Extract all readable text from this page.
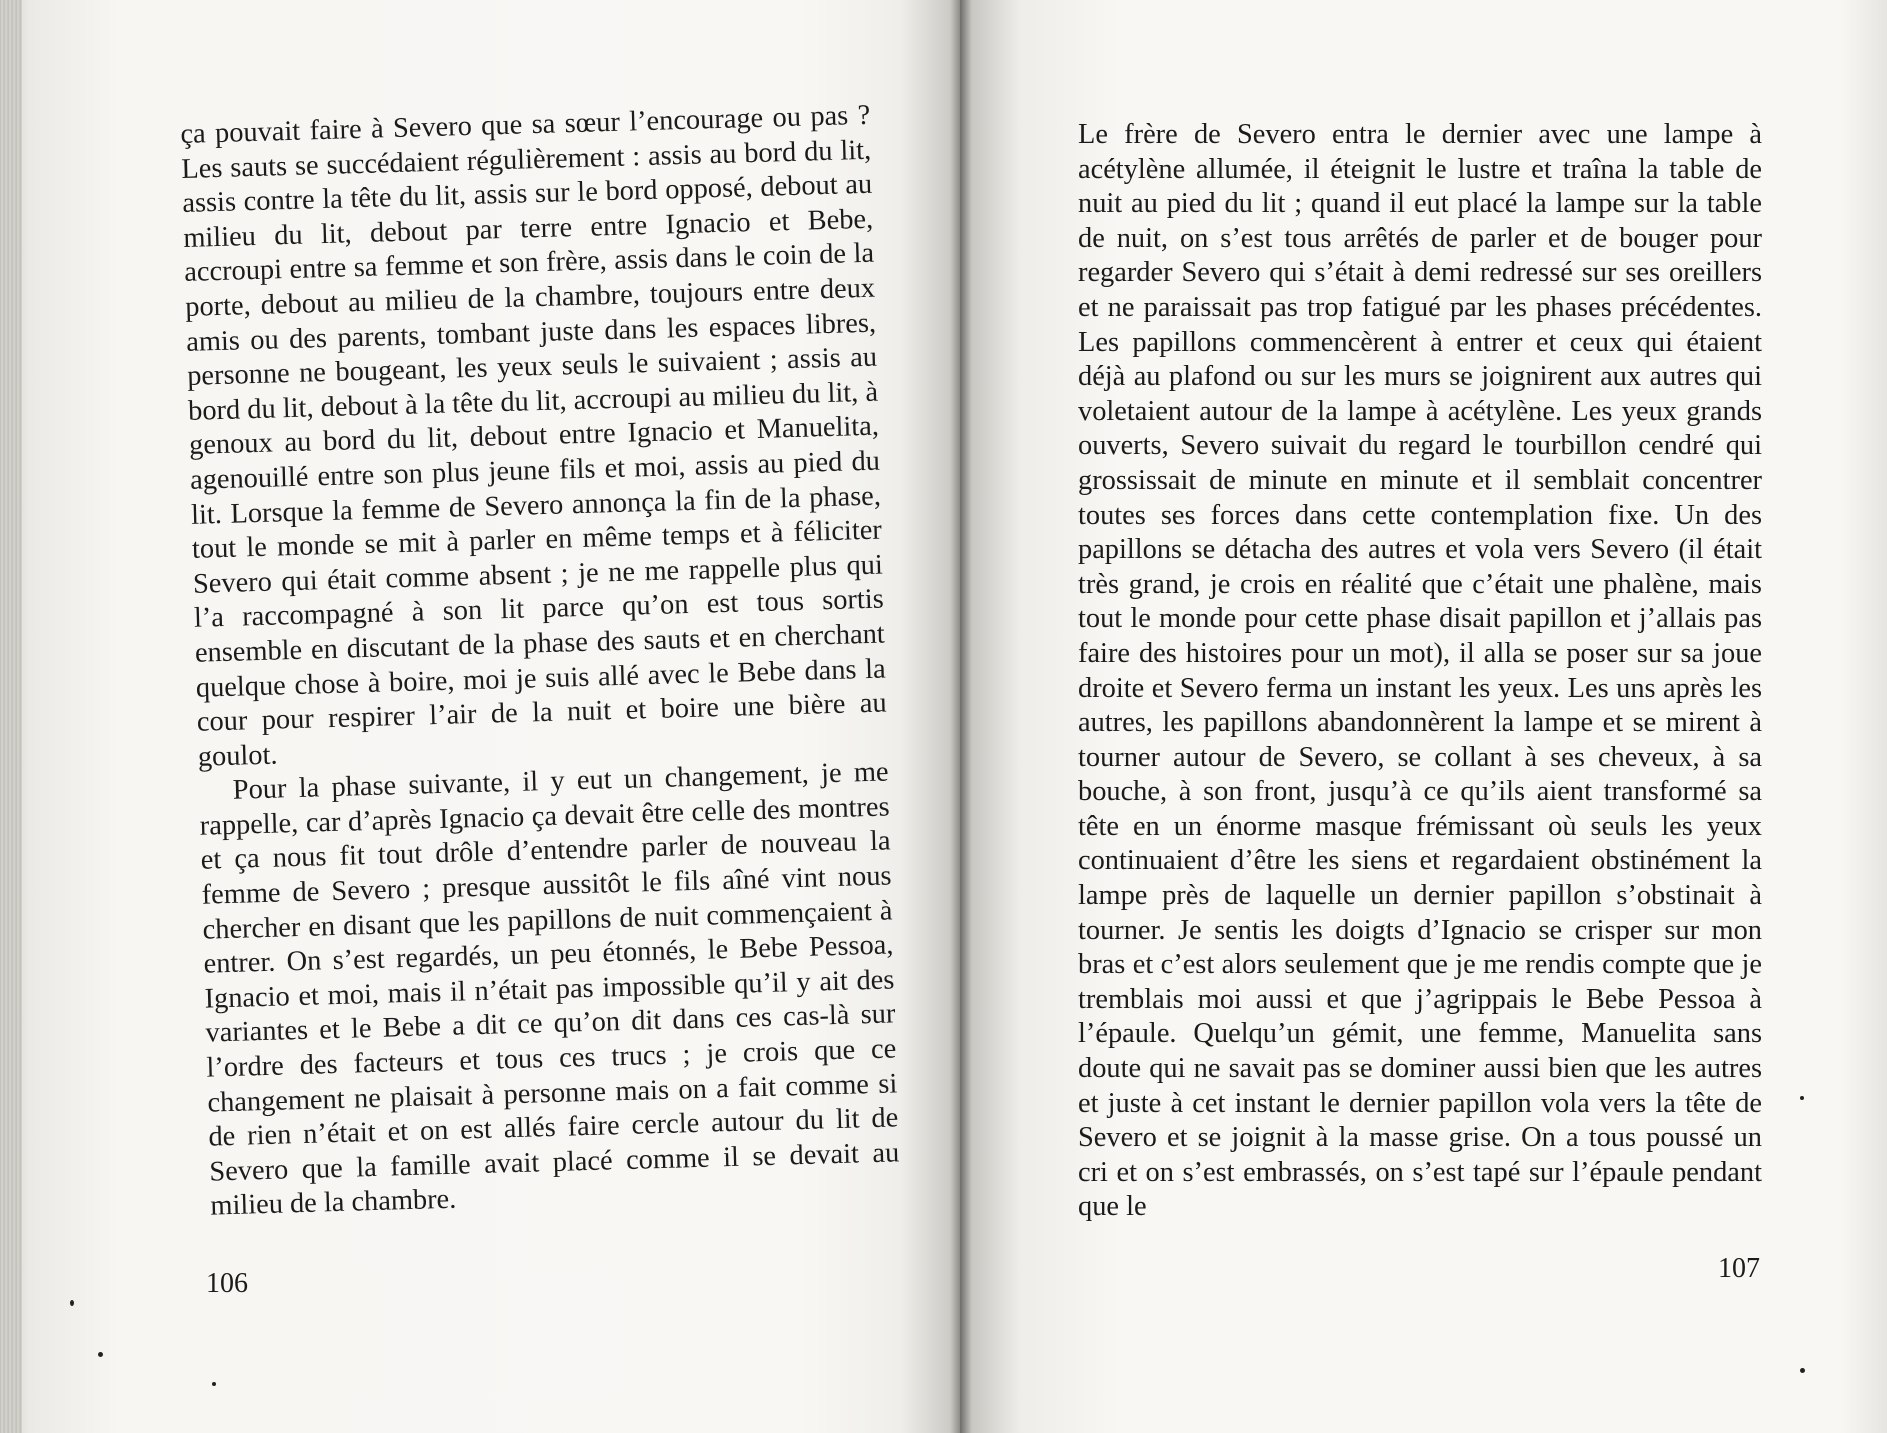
ça pouvait faire à Severo que sa sœur l’encourage ou pas ? Les sauts se succédaient régulièrement : assis au bord du lit, assis contre la tête du lit, assis sur le bord opposé, debout au milieu du lit, debout par terre entre Ignacio et Bebe, accroupi entre sa femme et son frère, assis dans le coin de la porte, debout au milieu de la chambre, toujours entre deux amis ou des parents, tombant juste dans les espaces libres, personne ne bougeant, les yeux seuls le suivaient ; assis au bord du lit, debout à la tête du lit, accroupi au milieu du lit, à genoux au bord du lit, debout entre Ignacio et Manuelita, agenouillé entre son plus jeune fils et moi, assis au pied du lit. Lorsque la femme de Severo annonça la fin de la phase, tout le monde se mit à parler en même temps et à féliciter Severo qui était comme absent ; je ne me rappelle plus qui l’a raccompagné à son lit parce qu’on est tous sortis ensemble en discutant de la phase des sauts et en cherchant quelque chose à boire, moi je suis allé avec le Bebe dans la cour pour respirer l’air de la nuit et boire une bière au goulot.

Pour la phase suivante, il y eut un changement, je me rappelle, car d’après Ignacio ça devait être celle des montres et ça nous fit tout drôle d’entendre parler de nouveau la femme de Severo ; presque aussitôt le fils aîné vint nous chercher en disant que les papillons de nuit commençaient à entrer. On s’est regardés, un peu étonnés, le Bebe Pessoa, Ignacio et moi, mais il n’était pas impossible qu’il y ait des variantes et le Bebe a dit ce qu’on dit dans ces cas-là sur l’ordre des facteurs et tous ces trucs ; je crois que ce changement ne plaisait à personne mais on a fait comme si de rien n’était et on est allés faire cercle autour du lit de Severo que la famille avait placé comme il se devait au milieu de la chambre.

106

Le frère de Severo entra le dernier avec une lampe à acétylène allumée, il éteignit le lustre et traîna la table de nuit au pied du lit ; quand il eut placé la lampe sur la table de nuit, on s’est tous arrêtés de parler et de bouger pour regarder Severo qui s’était à demi redressé sur ses oreillers et ne paraissait pas trop fatigué par les phases précédentes. Les papillons commencèrent à entrer et ceux qui étaient déjà au plafond ou sur les murs se joignirent aux autres qui voletaient autour de la lampe à acétylène. Les yeux grands ouverts, Severo suivait du regard le tourbillon cendré qui grossissait de minute en minute et il semblait concentrer toutes ses forces dans cette contemplation fixe. Un des papillons se détacha des autres et vola vers Severo (il était très grand, je crois en réalité que c’était une phalène, mais tout le monde pour cette phase disait papillon et j’allais pas faire des histoires pour un mot), il alla se poser sur sa joue droite et Severo ferma un instant les yeux. Les uns après les autres, les papillons abandonnèrent la lampe et se mirent à tourner autour de Severo, se collant à ses cheveux, à sa bouche, à son front, jusqu’à ce qu’ils aient transformé sa tête en un énorme masque frémissant où seuls les yeux continuaient d’être les siens et regardaient obstinément la lampe près de laquelle un dernier papillon s’obstinait à tourner. Je sentis les doigts d’Ignacio se crisper sur mon bras et c’est alors seulement que je me rendis compte que je tremblais moi aussi et que j’agrippais le Bebe Pessoa à l’épaule. Quelqu’un gémit, une femme, Manuelita sans doute qui ne savait pas se dominer aussi bien que les autres et juste à cet instant le dernier papillon vola vers la tête de Severo et se joignit à la masse grise. On a tous poussé un cri et on s’est embrassés, on s’est tapé sur l’épaule pendant que le

107
